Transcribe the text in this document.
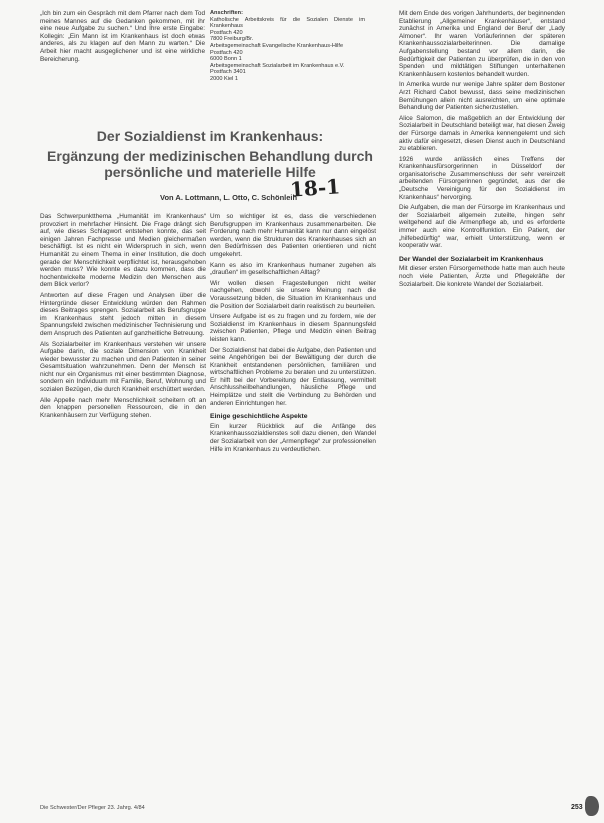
„Ich bin zum ein Gespräch mit dem Pfarrer nach dem Tod meines Mannes auf die Gedanken gekommen, mit ihr eine neue Aufgabe zu suchen.“ Und Ihre erste Eingabe: Kollegin: „Ein Mann ist im Krankenhaus ist doch etwas anderes, als zu klagen auf den Mann zu warten.“ Die Arbeit hier macht ausgeglichener und ist eine wirkliche Bereicherung.
Anschriften:
Katholische Arbeitskreis für die Sozialen Dienste im Krankenhaus
Postfach 420
7800 Freiburg/Br.
Arbeitsgemeinschaft Evangelische Krankenhaus-Hilfe
Postfach 420
6000 Bonn 1
Arbeitsgemeinschaft Sozialarbeit im Krankenhaus e.V.
Postfach 3401
2000 Kiel 1
Der Sozialdienst im Krankenhaus:
Ergänzung der medizinischen Behandlung durch persönliche und materielle Hilfe
Von A. Lottmann, L. Otto, C. Schönleih
18-1

Das Schwerpunktthema „Humanität im Krankenhaus“ provoziert in mehrfacher Hinsicht. Die Frage drängt sich auf, wie dieses Schlagwort entstehen konnte, das seit einigen Jahren Fachpresse und Medien gleichermaßen beschäftigt. Ist es nicht ein Widerspruch in sich, wenn Humanität zu einem Thema in einer Institution, die doch gerade der Menschlichkeit verpflichtet ist, herausgehoben werden muss? Wie konnte es dazu kommen, dass die hochentwickelte moderne Medizin den Menschen aus dem Blick verlor?

Antworten auf diese Fragen und Analysen über die Hintergründe dieser Entwicklung würden den Rahmen dieses Beitrages sprengen. Sozialarbeit als Berufsgruppe im Krankenhaus steht jedoch mitten in diesem Spannungsfeld zwischen medizinischer Technisierung und dem Anspruch des Patienten auf ganzheitliche Betreuung.

Als Sozialarbeiter im Krankenhaus verstehen wir unsere Aufgabe darin, die soziale Dimension von Krankheit wieder bewusster zu machen und den Patienten in seiner Gesamtsituation wahrzunehmen. Denn der Mensch ist nicht nur ein Organismus mit einer bestimmten Diagnose, sondern ein Individuum mit Familie, Beruf, Wohnung und sozialen Bezügen, die durch Krankheit erschüttert werden.

Alle Appelle nach mehr Menschlichkeit scheitern oft an den knappen personellen Ressourcen, die in den Krankenhäusern zur Verfügung stehen.

Um so wichtiger ist es, dass die verschiedenen Berufsgruppen im Krankenhaus zusammenarbeiten. Die Forderung nach mehr Humanität kann nur dann eingelöst werden, wenn die Strukturen des Krankenhauses sich an den Bedürfnissen des Patienten orientieren und nicht umgekehrt.

Kann es also im Krankenhaus humaner zugehen als „draußen“ im gesellschaftlichen Alltag?

Wir wollen diesen Fragestellungen nicht weiter nachgehen, obwohl sie unsere Meinung nach die Voraussetzung bilden, die Situation im Krankenhaus und die Position der Sozialarbeit darin realistisch zu beurteilen.

Unsere Aufgabe ist es zu fragen und zu fordern, wie der Sozialdienst im Krankenhaus in diesem Spannungsfeld zwischen Patienten, Pflege und Medizin einen Beitrag leisten kann.

Der Sozialdienst hat dabei die Aufgabe, den Patienten und seine Angehörigen bei der Bewältigung der durch die Krankheit entstandenen persönlichen, familiären und wirtschaftlichen Probleme zu beraten und zu unterstützen. Er hilft bei der Vorbereitung der Entlassung, vermittelt Anschlussheilbehandlungen, häusliche Pflege und Heimplätze und stellt die Verbindung zu Behörden und anderen Einrichtungen her.

Einige geschichtliche Aspekte

Ein kurzer Rückblick auf die Anfänge des Krankenhaussozialdienstes soll dazu dienen, den Wandel der Sozialarbeit von der „Armenpflege“ zur professionellen Hilfe im Krankenhaus zu verdeutlichen.

Mit dem Ende des vorigen Jahrhunderts, der beginnenden Etablierung „Allgemeiner Krankenhäuser“, entstand zunächst in Amerika und England der Beruf der „Lady Almoner“. Ihr waren Vorläuferinnen der späteren Krankenhaussozialarbeiterinnen. Die damalige Aufgabenstellung bestand vor allem darin, die Bedürftigkeit der Patienten zu überprüfen, die in den von Spenden und mildtätigen Stiftungen unterhaltenen Krankenhäusern kostenlos behandelt wurden.

In Amerika wurde nur wenige Jahre später dem Bostoner Arzt Richard Cabot bewusst, dass seine medizinischen Bemühungen allein nicht ausreichten, um eine optimale Behandlung der Patienten sicherzustellen.

Alice Salomon, die maßgeblich an der Entwicklung der Sozialarbeit in Deutschland beteiligt war, hat diesen Zweig der Fürsorge damals in Amerika kennengelernt und sich aktiv dafür eingesetzt, diesen Dienst auch in Deutschland zu etablieren.

1926 wurde anlässlich eines Treffens der Krankenhausfürsorgerinnen in Düsseldorf der organisatorische Zusammenschluss der sehr vereinzelt arbeitenden Fürsorgerinnen gegründet, aus der die „Deutsche Vereinigung für den Sozialdienst im Krankenhaus“ hervorging.

Die Aufgaben, die man der Fürsorge im Krankenhaus und der Sozialarbeit allgemein zuteilte, hingen sehr weitgehend auf die Armenpflege ab, und es erforderte immer auch eine Kontrollfunktion. Ein Patient, der „hilfebedürftig“ war, erhielt Unterstützung, wenn er kooperativ war.

Der Wandel der Sozialarbeit im Krankenhaus

Mit dieser ersten Fürsorgemethode hatte man auch heute noch viele Patienten, Ärzte und Pflegekräfte der Sozialarbeit. Die konkrete Wandel der Sozialarbeit.

Die Schwester/Der Pfleger 23. Jahrg. 4/84	253
